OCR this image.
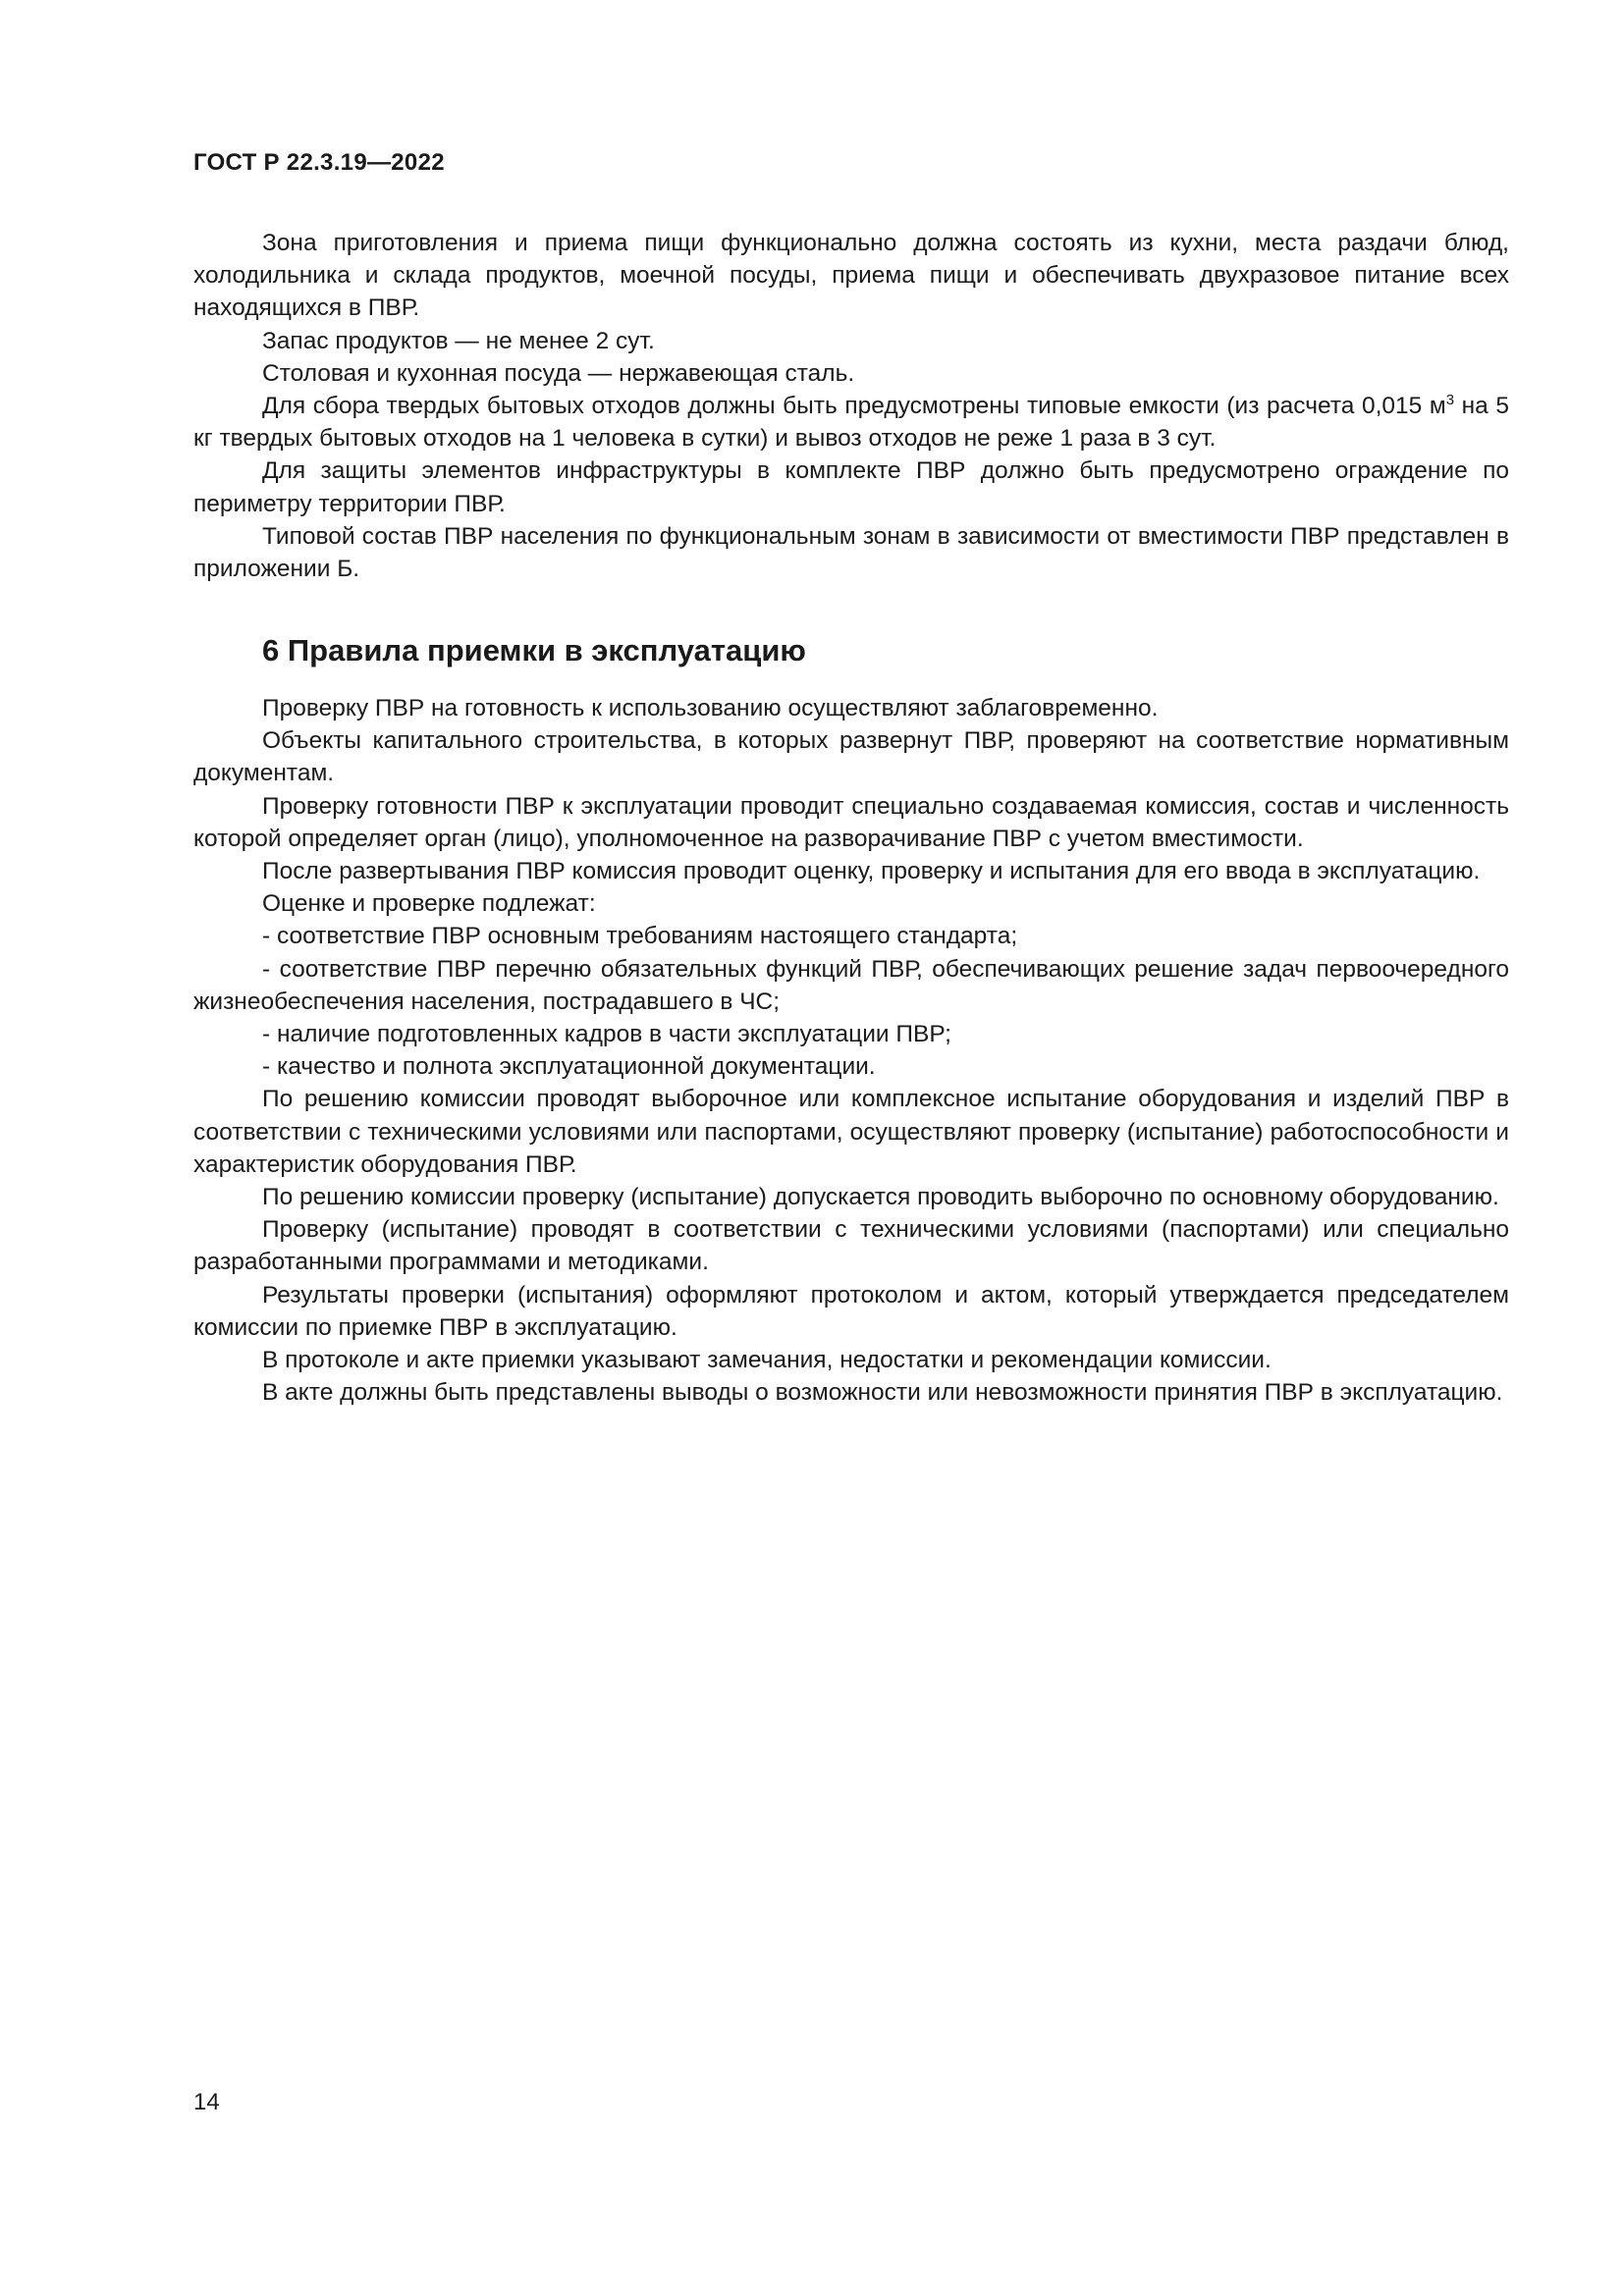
ГОСТ Р 22.3.19—2022

Зона приготовления и приема пищи функционально должна состоять из кухни, места раздачи блюд, холодильника и склада продуктов, моечной посуды, приема пищи и обеспечивать двухразовое питание всех находящихся в ПВР.

Запас продуктов — не менее 2 сут.

Столовая и кухонная посуда — нержавеющая сталь.

Для сбора твердых бытовых отходов должны быть предусмотрены типовые емкости (из расчета 0,015 $м^3$ на 5 кг твердых бытовых отходов на 1 человека в сутки) и вывоз отходов не реже 1 раза в 3 сут.

Для защиты элементов инфраструктуры в комплекте ПВР должно быть предусмотрено ограждение по периметру территории ПВР.

Типовой состав ПВР населения по функциональным зонам в зависимости от вместимости ПВР представлен в приложении Б.

6 Правила приемки в эксплуатацию

Проверку ПВР на готовность к использованию осуществляют заблаговременно.

Объекты капитального строительства, в которых развернут ПВР, проверяют на соответствие нормативным документам.

Проверку готовности ПВР к эксплуатации проводит специально создаваемая комиссия, состав и численность которой определяет орган (лицо), уполномоченное на разворачивание ПВР с учетом вместимости.

После развертывания ПВР комиссия проводит оценку, проверку и испытания для его ввода в эксплуатацию.

Оценке и проверке подлежат:

- соответствие ПВР основным требованиям настоящего стандарта;

- соответствие ПВР перечню обязательных функций ПВР, обеспечивающих решение задач первоочередного жизнеобеспечения населения, пострадавшего в ЧС;

- наличие подготовленных кадров в части эксплуатации ПВР;

- качество и полнота эксплуатационной документации.

По решению комиссии проводят выборочное или комплексное испытание оборудования и изделий ПВР в соответствии с техническими условиями или паспортами, осуществляют проверку (испытание) работоспособности и характеристик оборудования ПВР.

По решению комиссии проверку (испытание) допускается проводить выборочно по основному оборудованию.

Проверку (испытание) проводят в соответствии с техническими условиями (паспортами) или специально разработанными программами и методиками.

Результаты проверки (испытания) оформляют протоколом и актом, который утверждается председателем комиссии по приемке ПВР в эксплуатацию.

В протоколе и акте приемки указывают замечания, недостатки и рекомендации комиссии.

В акте должны быть представлены выводы о возможности или невозможности принятия ПВР в эксплуатацию.

14
